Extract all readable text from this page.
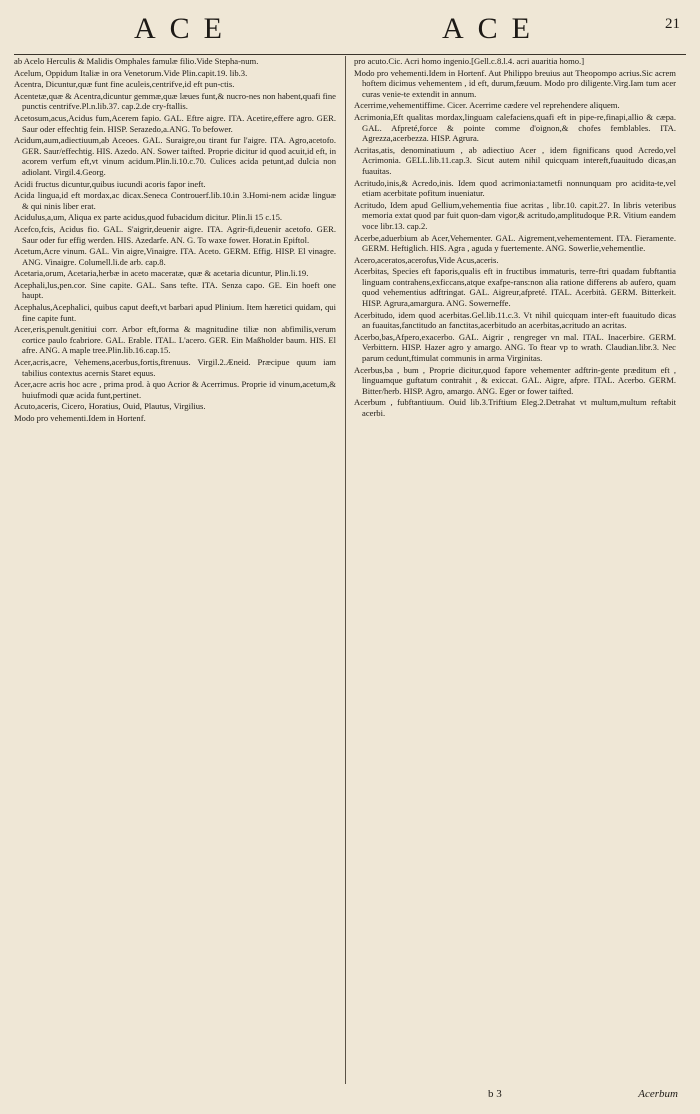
ACE	ACE	21

ab Acelo Herculis & Malidis Omphales famulæ filio.Vide Stepha-num.

Acelum, Oppidum Italiæ in ora Venetorum.Vide Plin.capit.19. lib.3.

Acentra, Dicuntur,quæ funt fine aculeis,centrifve,id eft pun-ctis.

Acentetæ,quæ & Acentra,dicuntur gemmæ,quæ læues funt,& nucro-nes non habent,quafi fine punctis centrifve.Pl.n.lib.37. cap.2.de cry-ftallis.

Acetosum,acus,Acidus fum,Acerem fapio. GAL. Eftre aigre. ITA. Acetire,effere agro. GER. Saur oder effechtig fein. HISP. Serazedo,a.ANG. To befower.

Acidum,aum,adiectiuum,ab Aceoes. GAL. Suraigre,ou tirant fur l'aigre. ITA. Agro,acetofo. GER. Saur/effechtig. HIS. Azedo. AN. Sower taifted. Proprie dicitur id quod acuit,id eft, in acorem verfum eft,vt vinum acidum.Plin.li.10.c.70. Culices acida petunt,ad dulcia non adiolant. Virgil.4.Georg.

Acidi fructus dicuntur,quibus iucundi acoris fapor ineft.

Acida lingua,id eft mordax,ac dicax.Seneca Controuerf.lib.10.in 3.Homi-nem acidæ linguæ & qui ninis liber erat.

Acidulus,a,um, Aliqua ex parte acidus,quod fubacidum dicitur. Plin.li 15 c.15.

Acefco,fcis, Acidus fio. GAL. S'aigrir,deuenir aigre. ITA. Agrir-fi,deuenir acetofo. GER. Saur oder fur effig werden. HIS. Azedarfe. AN. G. To waxe fower. Horat.in Epiftol.

Acetum,Acre vinum. GAL. Vin aigre,Vinaigre. ITA. Aceto. GERM. Effig. HISP. El vinagre. ANG. Vinaigre. Columell.li.de arb. cap.8.

Acetaria,orum, Acetaria,herbæ in aceto maceratæ, quæ & acetaria dicuntur, Plin.li.19.

Acephali,lus,pen.cor. Sine capite. GAL. Sans tefte. ITA. Senza capo. GE. Ein hoeft one haupt.

Acephalus,Acephalici, quibus caput deeft,vt barbari apud Plinium. Item hæretici quidam, qui fine capite funt.

Acer,eris,penult.genitiui corr. Arbor eft,forma & magnitudine tiliæ non abfimilis,verum cortice paulo fcabriore. GAL. Erable. ITAL. L'acero. GER. Ein Maßholder baum. HIS. El afre. ANG. A maple tree.Plin.lib.16.cap.15.

Acer,acris,acre, Vehemens,acerbus,fortis,ftrenuus. Virgil.2.Æneid. Præcipue quum iam tabilius contextus acernis Staret equus.

Acer,acre acris hoc acre , prima prod. à quo Acrior & Acerrimus. Proprie id vinum,acetum,& huiufmodi quæ acida funt,pertinet.

Acuto,aceris, Cicero, Horatius, Ouid, Plautus, Virgilius.

Modo pro vehementi.Idem in Hortenf.

pro acuto.Cic. Acri homo ingenio.[Gell.c.8.l.4. acri auaritia homo.]

Modo pro vehementi.Idem in Hortenf. Aut Philippo breuius aut Theopompo acrius.Sic acrem hoftem dicimus vehementem , id eft, durum,fæuum. Modo pro diligente.Virg.Iam tum acer curas venie-te extendit in annum.

Acerrime,vehementiffime. Cicer. Acerrime cædere vel reprehendere aliquem.

Acrimonia,Eft qualitas mordax,linguam calefaciens,quafi eft in pipe-re,finapi,allio & cæpa. GAL. Afpreté,force & pointe comme d'oignon,& chofes femblables. ITA. Agrezza,acerbezza. HISP. Agrura.

Acritas,atis, denominatiuum , ab adiectiuo Acer , idem fignificans quod Acredo,vel Acrimonia. GELL.lib.11.cap.3. Sicut autem nihil quicquam intereft,fuauitudo dicas,an fuauitas.

Acritudo,inis,& Acredo,inis. Idem quod acrimonia:tametfi nonnunquam pro acidita-te,vel etiam acerbitate pofitum inueniatur.

Acritudo, Idem apud Gellium,vehementia fiue acritas , libr.10. capit.27. In libris veteribus memoria extat quod par fuit quon-dam vigor,& acritudo,amplitudoque P.R. Vitium eandem voce libr.13. cap.2.

Acerbe,aduerbium ab Acer,Vehementer. GAL. Aigrement,vehementement. ITA. Fieramente. GERM. Heftiglich. HIS. Agra , aguda y fuertemente. ANG. Sowerlie,vehementlie.

Acero,aceratos,acerofus,Vide Acus,aceris.

Acerbitas, Species eft faporis,qualis eft in fructibus immaturis, terre-ftri quadam fubftantia linguam contrahens,exficcans,atque exafpe-rans:non alia ratione differens ab aufero, quam quod vehementius adftringat. GAL. Aigreur,afpreté. ITAL. Acerbità. GERM. Bitterkeit. HISP. Agrura,amargura. ANG. Sowerneffe.

Acerbitudo, idem quod acerbitas.Gel.lib.11.c.3. Vt nihil quicquam inter-eft fuauitudo dicas an fuauitas,fanctitudo an fanctitas,acerbitudo an acerbitas,acritudo an acritas.

Acerbo,bas,Afpero,exacerbo. GAL. Aigrir , rengreger vn mal. ITAL. Inacerbire. GERM. Verbittern. HISP. Hazer agro y amargo. ANG. To ftear vp to wrath. Claudian.libr.3. Nec parum cedunt,ftimulat communis in arma Virginitas.

Acerbus,ba , bum , Proprie dicitur,quod fapore vehementer adftrin-gente præditum eft , linguamque guftatum contrahit , & exiccat. GAL. Aigre, afpre. ITAL. Acerbo. GERM. Bitter/herb. HISP. Agro, amargo. ANG. Eger or fower taifted.

Acerbum , fubftantiuum. Ouid lib.3.Triftium Eleg.2.Detrahat vt multum,multum reftabit acerbi.

b 3	Acerbum
